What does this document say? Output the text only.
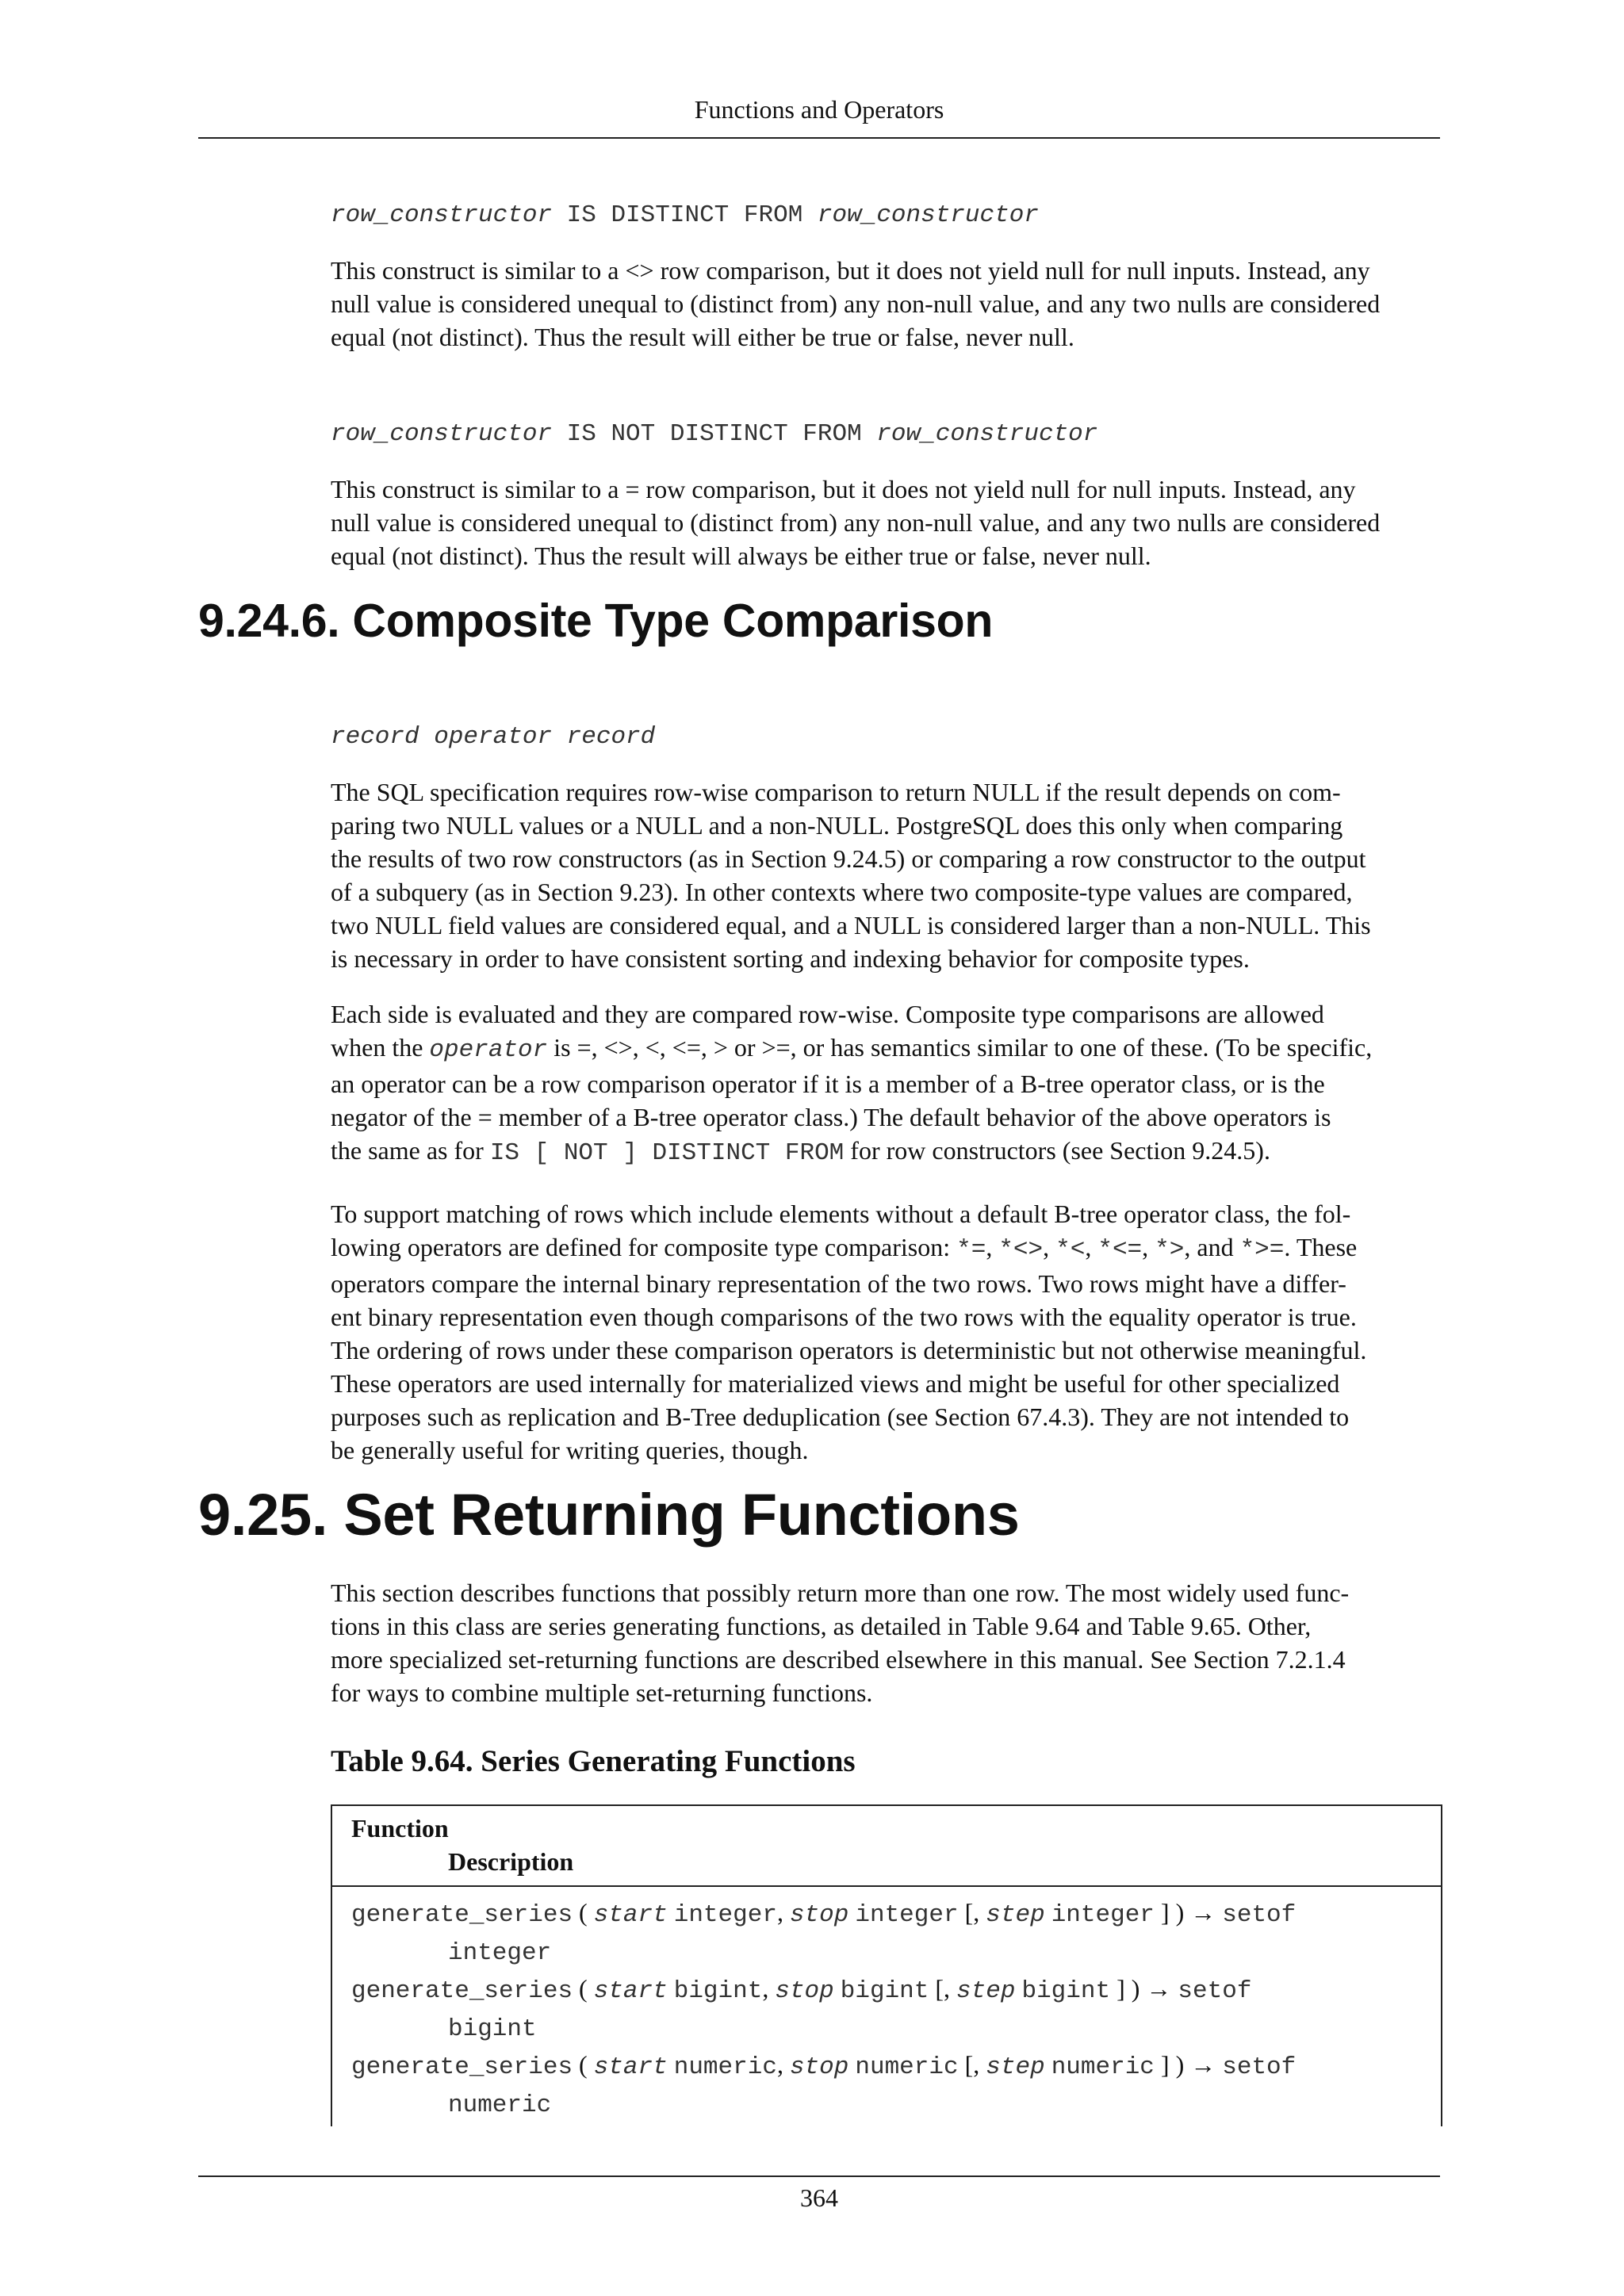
Functions and Operators
row_constructor IS DISTINCT FROM row_constructor
This construct is similar to a <> row comparison, but it does not yield null for null inputs. Instead, any
null value is considered unequal to (distinct from) any non-null value, and any two nulls are considered
equal (not distinct). Thus the result will either be true or false, never null.
row_constructor IS NOT DISTINCT FROM row_constructor
This construct is similar to a = row comparison, but it does not yield null for null inputs. Instead, any
null value is considered unequal to (distinct from) any non-null value, and any two nulls are considered
equal (not distinct). Thus the result will always be either true or false, never null.
9.24.6. Composite Type Comparison
record operator record
The SQL specification requires row-wise comparison to return NULL if the result depends on com-
paring two NULL values or a NULL and a non-NULL. PostgreSQL does this only when comparing
the results of two row constructors (as in Section 9.24.5) or comparing a row constructor to the output
of a subquery (as in Section 9.23). In other contexts where two composite-type values are compared,
two NULL field values are considered equal, and a NULL is considered larger than a non-NULL. This
is necessary in order to have consistent sorting and indexing behavior for composite types.
Each side is evaluated and they are compared row-wise. Composite type comparisons are allowed
when the operator is =, <>, <, <=, > or >=, or has semantics similar to one of these. (To be specific,
an operator can be a row comparison operator if it is a member of a B-tree operator class, or is the
negator of the = member of a B-tree operator class.) The default behavior of the above operators is
the same as for IS [ NOT ] DISTINCT FROM for row constructors (see Section 9.24.5).
To support matching of rows which include elements without a default B-tree operator class, the fol-
lowing operators are defined for composite type comparison: *=, *<>, *<, *<=, *>, and *>=. These
operators compare the internal binary representation of the two rows. Two rows might have a differ-
ent binary representation even though comparisons of the two rows with the equality operator is true.
The ordering of rows under these comparison operators is deterministic but not otherwise meaningful.
These operators are used internally for materialized views and might be useful for other specialized
purposes such as replication and B-Tree deduplication (see Section 67.4.3). They are not intended to
be generally useful for writing queries, though.
9.25. Set Returning Functions
This section describes functions that possibly return more than one row. The most widely used func-
tions in this class are series generating functions, as detailed in Table 9.64 and Table 9.65. Other,
more specialized set-returning functions are described elsewhere in this manual. See Section 7.2.1.4
for ways to combine multiple set-returning functions.
Table 9.64. Series Generating Functions
Function
Description
generate_series ( start integer, stop integer [, step integer ] ) → setof
integer
generate_series ( start bigint, stop bigint [, step bigint ] ) → setof
bigint
generate_series ( start numeric, stop numeric [, step numeric ] ) → setof
numeric
364
